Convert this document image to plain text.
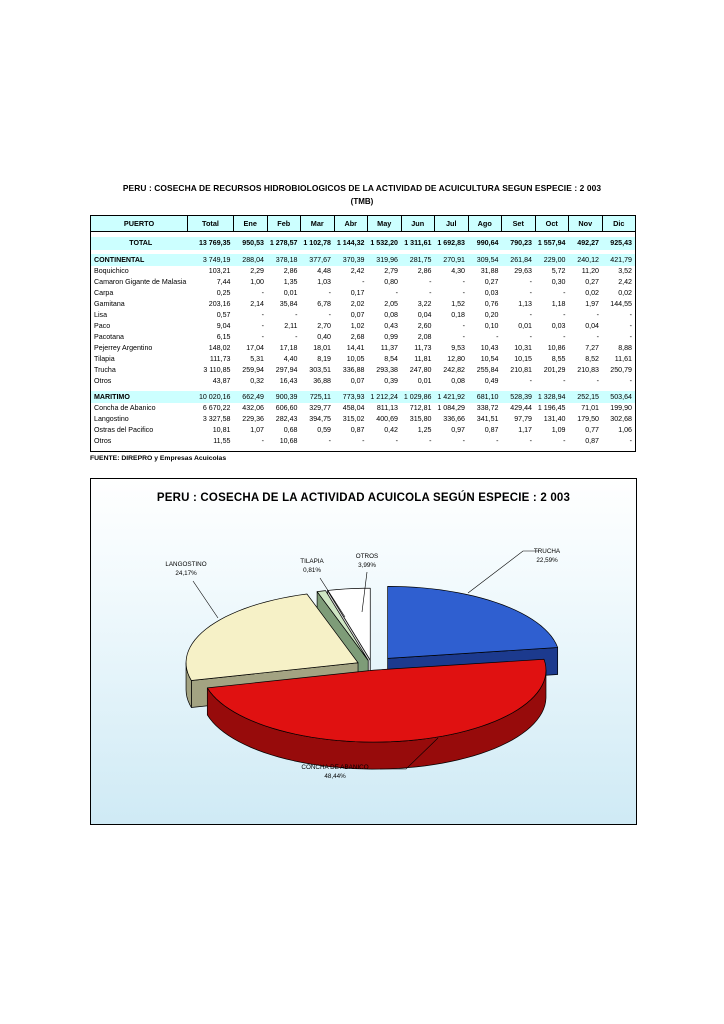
PERU : COSECHA DE RECURSOS HIDROBIOLOGICOS DE LA ACTIVIDAD DE ACUICULTURA SEGUN ESPECIE : 2 003
(TMB)
PUERTO	Total	Ene	Feb	Mar	Abr	May	Jun	Jul	Ago	Set	Oct	Nov	Dic

TOTAL	13 769,35	950,53	1 278,57	1 102,78	1 144,32	1 532,20	1 311,61	1 692,83	990,64	790,23	1 557,94	492,27	925,43

CONTINENTAL	3 749,19	288,04	378,18	377,67	370,39	319,96	281,75	270,91	309,54	261,84	229,00	240,12	421,79
Boquichico	103,21	2,29	2,86	4,48	2,42	2,79	2,86	4,30	31,88	29,63	5,72	11,20	3,52
Camaron Gigante de Malasia	7,44	1,00	1,35	1,03	-	0,80	-	-	0,27	-	0,30	0,27	2,42
Carpa	0,25	-	0,01	-	0,17	-	-	-	0,03	-	-	0,02	0,02
Gamitana	203,16	2,14	35,84	6,78	2,02	2,05	3,22	1,52	0,76	1,13	1,18	1,97	144,55
Lisa	0,57	-	-	-	0,07	0,08	0,04	0,18	0,20	-	-	-	-
Paco	9,04	-	2,11	2,70	1,02	0,43	2,60	-	0,10	0,01	0,03	0,04	-
Pacotana	6,15	-	-	0,40	2,68	0,99	2,08	-	-	-	-	-	-
Pejerrey Argentino	148,02	17,04	17,18	18,01	14,41	11,37	11,73	9,53	10,43	10,31	10,86	7,27	8,88
Tilapia	111,73	5,31	4,40	8,19	10,05	8,54	11,81	12,80	10,54	10,15	8,55	8,52	11,61
Trucha	3 110,85	259,94	297,94	303,51	336,88	293,38	247,80	242,82	255,84	210,81	201,29	210,83	250,79
Otros	43,87	0,32	16,43	36,88	0,07	0,39	0,01	0,08	0,49	-	-	-	-

MARITIMO	10 020,16	662,49	900,39	725,11	773,93	1 212,24	1 029,86	1 421,92	681,10	528,39	1 328,94	252,15	503,64
Concha de Abanico	6 670,22	432,06	606,60	329,77	458,04	811,13	712,81	1 084,29	338,72	429,44	1 196,45	71,01	199,90
Langostino	3 327,58	229,36	282,43	394,75	315,02	400,69	315,80	336,66	341,51	97,79	131,40	179,50	302,68
Ostras del Pacifico	10,81	1,07	0,68	0,59	0,87	0,42	1,25	0,97	0,87	1,17	1,09	0,77	1,06
Otros	11,55	-	10,68	-	-	-	-	-	-	-	-	0,87	-

FUENTE: DIREPRO y Empresas Acuicolas
PERU : COSECHA DE LA ACTIVIDAD ACUICOLA SEGÚN ESPECIE : 2 003
TRUCHA
22,59%
CONCHA DE ABANICO
48,44%
LANGOSTINO
24,17%
TILAPIA
0,81%
OTROS
3,99%
